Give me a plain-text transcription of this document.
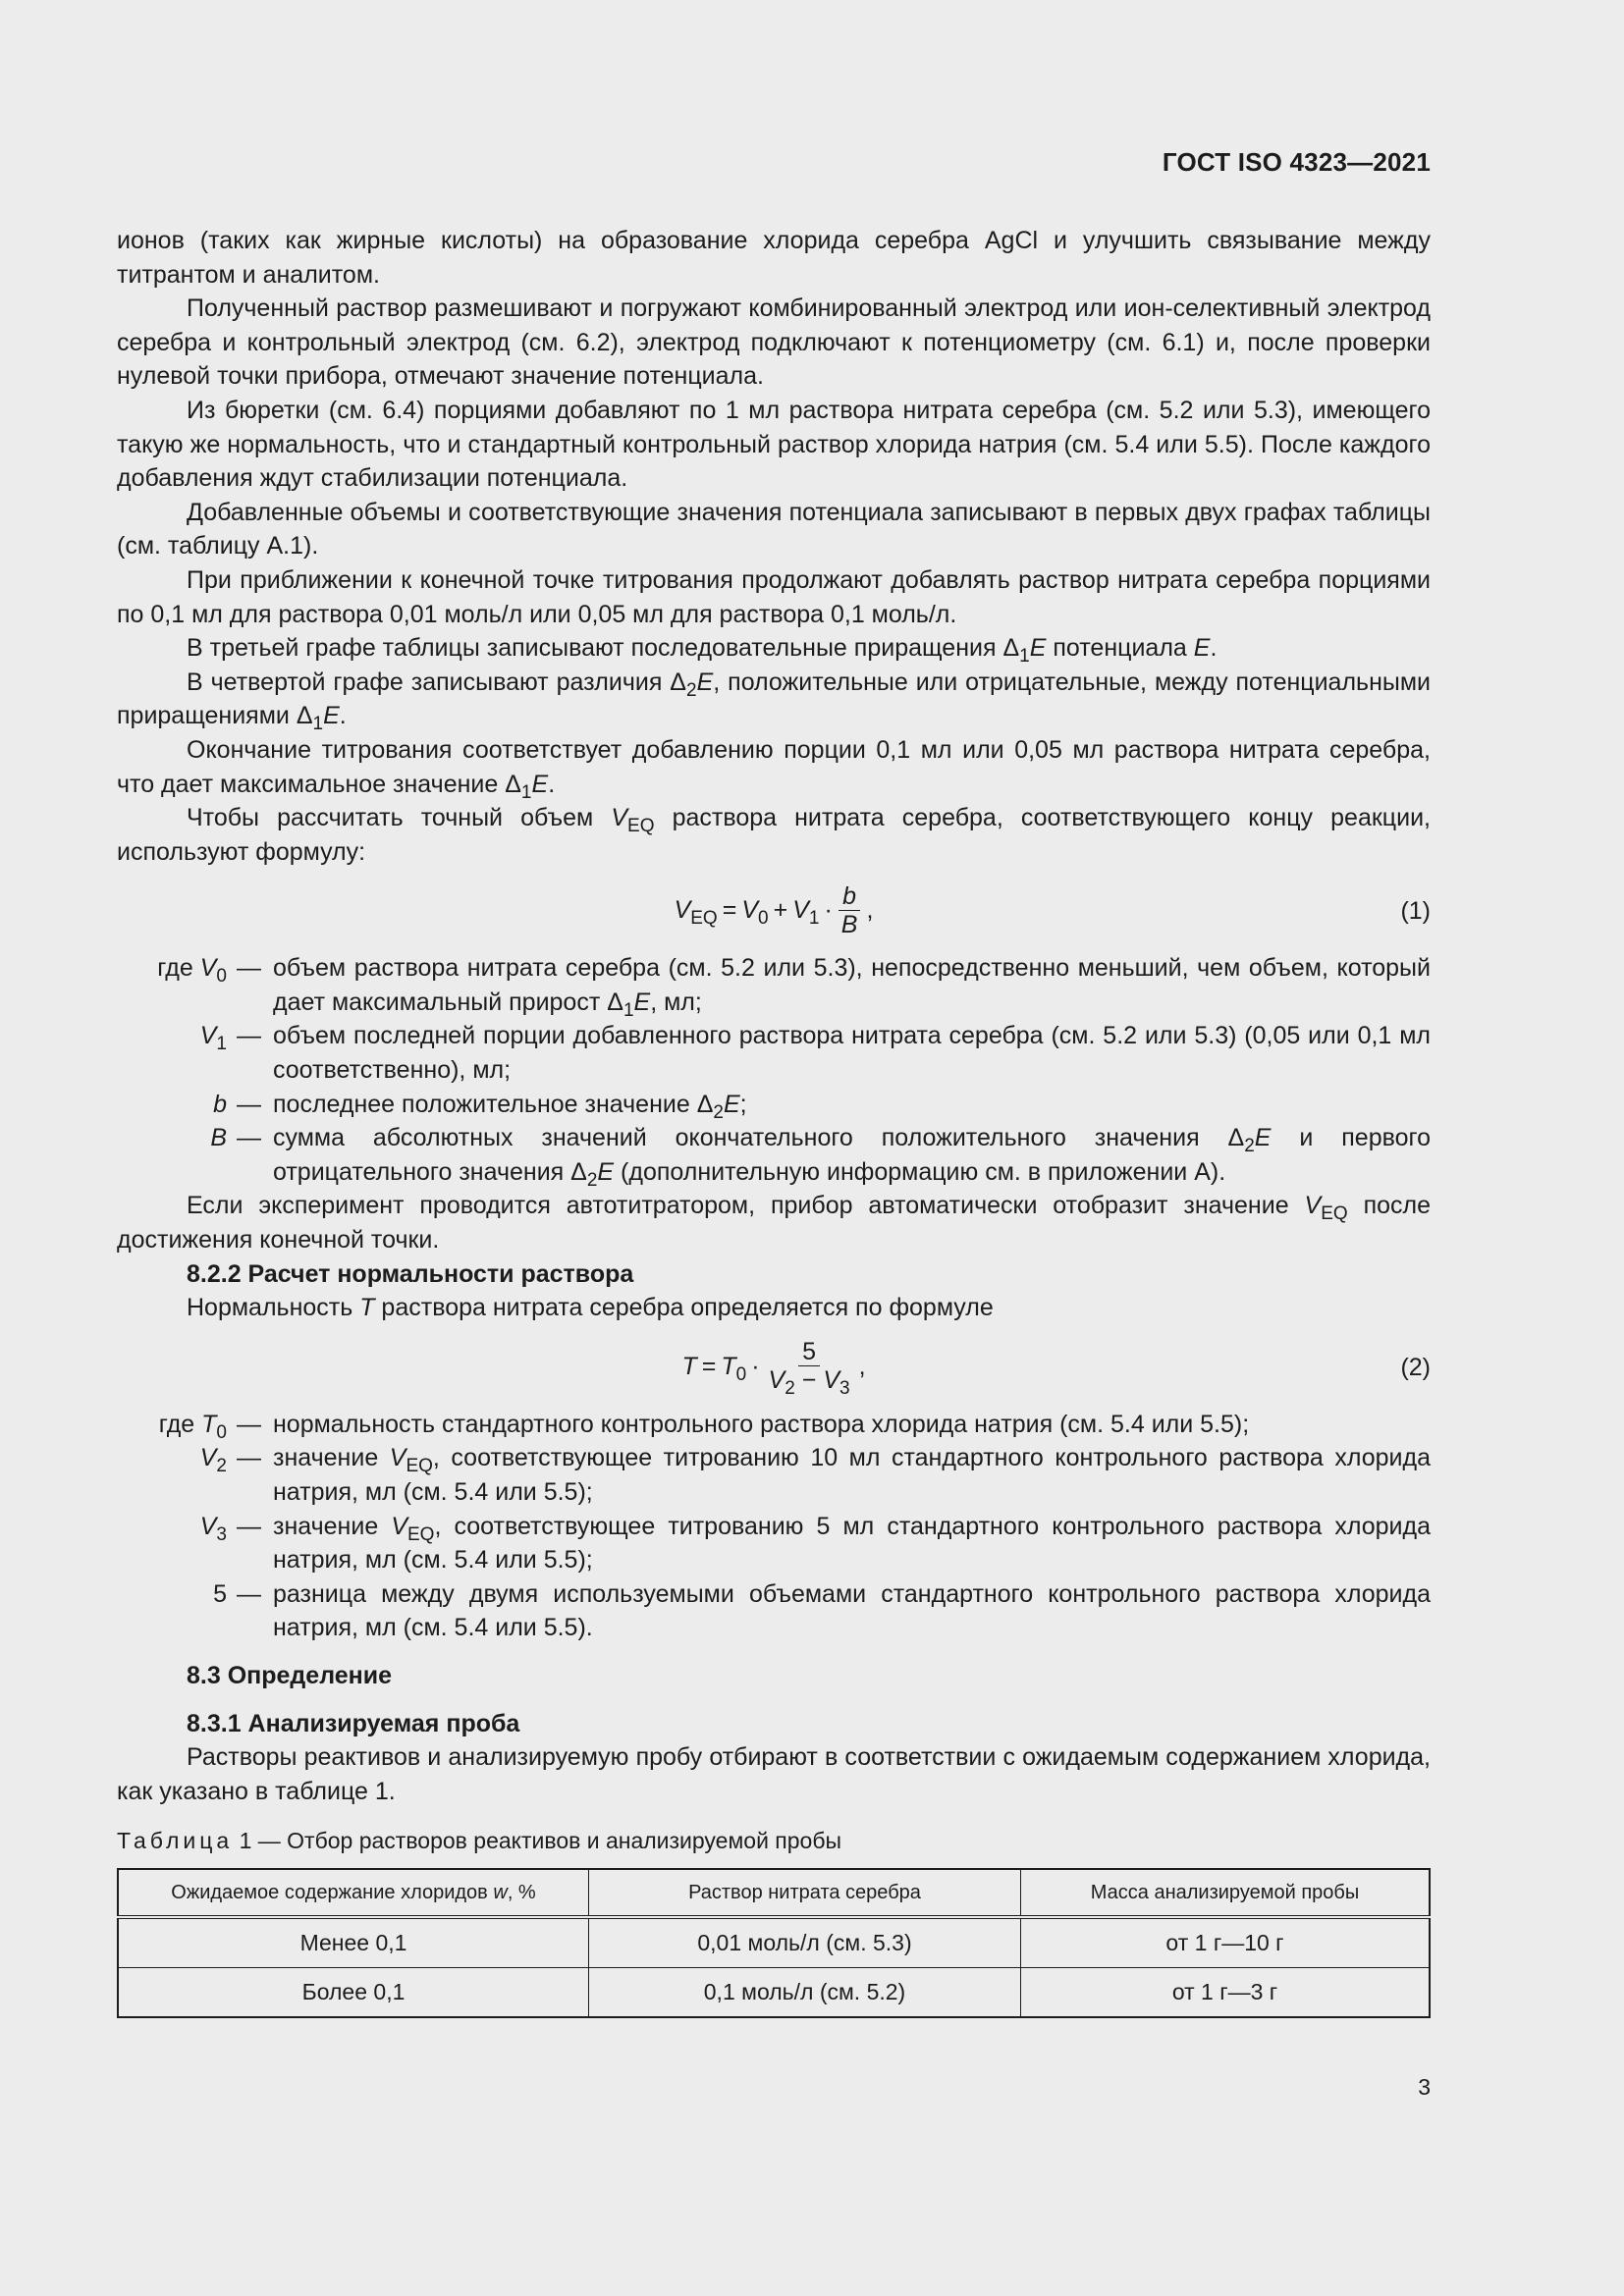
ГОСТ ISO 4323—2021

ионов (таких как жирные кислоты) на образование хлорида серебра AgCl и улучшить связывание между титрантом и аналитом.

Полученный раствор размешивают и погружают комбинированный электрод или ион-селективный электрод серебра и контрольный электрод (см. 6.2), электрод подключают к потенциометру (см. 6.1) и, после проверки нулевой точки прибора, отмечают значение потенциала.

Из бюретки (см. 6.4) порциями добавляют по 1 мл раствора нитрата серебра (см. 5.2 или 5.3), имеющего такую же нормальность, что и стандартный контрольный раствор хлорида натрия (см. 5.4 или 5.5). После каждого добавления ждут стабилизации потенциала.

Добавленные объемы и соответствующие значения потенциала записывают в первых двух графах таблицы (см. таблицу А.1).

При приближении к конечной точке титрования продолжают добавлять раствор нитрата серебра порциями по 0,1 мл для раствора 0,01 моль/л или 0,05 мл для раствора 0,1 моль/л.

В третьей графе таблицы записывают последовательные приращения $\Delta_1E$ потенциала E.

В четвертой графе записывают различия $\Delta_2E$, положительные или отрицательные, между потенциальными приращениями $\Delta_1E$.

Окончание титрования соответствует добавлению порции 0,1 мл или 0,05 мл раствора нитрата серебра, что дает максимальное значение $\Delta_1E$.

Чтобы рассчитать точный объем $V_{EQ}$ раствора нитрата серебра, соответствующего концу реакции, используют формулу:

$V_{EQ} = V_0 + V_1 \cdot \frac{b}{B}$ ,	(1)
где $V_0$ — объем раствора нитрата серебра (см. 5.2 или 5.3), непосредственно меньший, чем объем, который дает максимальный прирост $\Delta_1E$, мл;
$V_1$ — объем последней порции добавленного раствора нитрата серебра (см. 5.2 или 5.3) (0,05 или 0,1 мл соответственно), мл;
b — последнее положительное значение $\Delta_2E$;
B — сумма абсолютных значений окончательного положительного значения $\Delta_2E$ и первого отрицательного значения $\Delta_2E$ (дополнительную информацию см. в приложении А).

Если эксперимент проводится автотитратором, прибор автоматически отобразит значение $V_{EQ}$ после достижения конечной точки.

8.2.2 Расчет нормальности раствора

Нормальность T раствора нитрата серебра определяется по формуле

$T = T_0 \cdot \frac{5}{V_2 - V_3}$ ,	(2)
где $T_0$ — нормальность стандартного контрольного раствора хлорида натрия (см. 5.4 или 5.5);
$V_2$ — значение $V_{EQ}$, соответствующее титрованию 10 мл стандартного контрольного раствора хлорида натрия, мл (см. 5.4 или 5.5);
$V_3$ — значение $V_{EQ}$, соответствующее титрованию 5 мл стандартного контрольного раствора хлорида натрия, мл (см. 5.4 или 5.5);
5 — разница между двумя используемыми объемами стандартного контрольного раствора хлорида натрия, мл (см. 5.4 или 5.5).
8.3 Определение
8.3.1 Анализируемая проба

Растворы реактивов и анализируемую пробу отбирают в соответствии с ожидаемым содержанием хлорида, как указано в таблице 1.

Таблица 1 — Отбор растворов реактивов и анализируемой пробы
Ожидаемое содержание хлоридов w, %	Раствор нитрата серебра	Масса анализируемой пробы
Менее 0,1	0,01 моль/л (см. 5.3)	от 1 г—10 г
Более 0,1	0,1 моль/л (см. 5.2)	от 1 г—3 г
3
